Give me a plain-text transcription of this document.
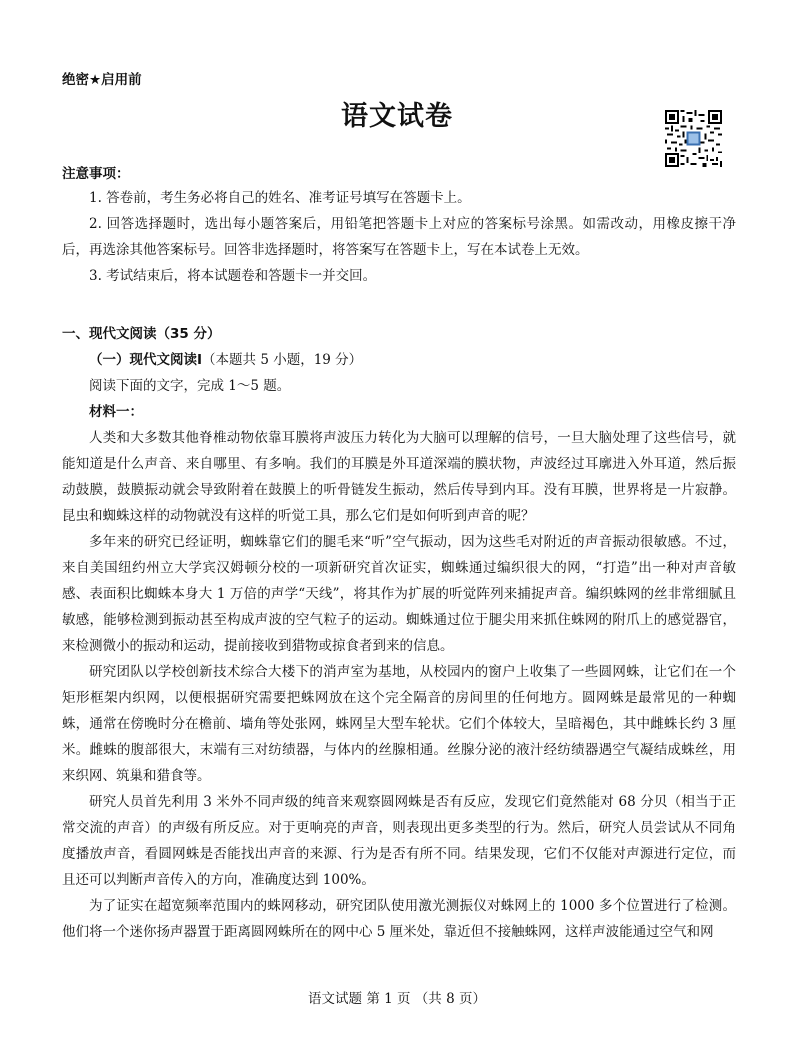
绝密★启用前
语文试卷
注意事项：

1. 答卷前，考生务必将自己的姓名、准考证号填写在答题卡上。

2. 回答选择题时，选出每小题答案后，用铅笔把答题卡上对应的答案标号涂黑。如需改动，用橡皮擦干净后，再选涂其他答案标号。回答非选择题时，将答案写在答题卡上，写在本试卷上无效。

3. 考试结束后，将本试题卷和答题卡一并交回。

一、现代文阅读（35 分）

（一）现代文阅读Ⅰ（本题共 5 小题，19 分）

阅读下面的文字，完成 1～5 题。

材料一：

人类和大多数其他脊椎动物依靠耳膜将声波压力转化为大脑可以理解的信号，一旦大脑处理了这些信号，就能知道是什么声音、来自哪里、有多响。我们的耳膜是外耳道深端的膜状物，声波经过耳廓进入外耳道，然后振动鼓膜，鼓膜振动就会导致附着在鼓膜上的听骨链发生振动，然后传导到内耳。没有耳膜，世界将是一片寂静。昆虫和蜘蛛这样的动物就没有这样的听觉工具，那么它们是如何听到声音的呢？

多年来的研究已经证明，蜘蛛靠它们的腿毛来“听”空气振动，因为这些毛对附近的声音振动很敏感。不过，来自美国纽约州立大学宾汉姆顿分校的一项新研究首次证实，蜘蛛通过编织很大的网，“打造”出一种对声音敏感、表面积比蜘蛛本身大 1 万倍的声学“天线”，将其作为扩展的听觉阵列来捕捉声音。编织蛛网的丝非常细腻且敏感，能够检测到振动甚至构成声波的空气粒子的运动。蜘蛛通过位于腿尖用来抓住蛛网的附爪上的感觉器官，来检测微小的振动和运动，提前接收到猎物或掠食者到来的信息。

研究团队以学校创新技术综合大楼下的消声室为基地，从校园内的窗户上收集了一些圆网蛛，让它们在一个矩形框架内织网，以便根据研究需要把蛛网放在这个完全隔音的房间里的任何地方。圆网蛛是最常见的一种蜘蛛，通常在傍晚时分在檐前、墙角等处张网，蛛网呈大型车轮状。它们个体较大，呈暗褐色，其中雌蛛长约 3 厘米。雌蛛的腹部很大，末端有三对纺绩器，与体内的丝腺相通。丝腺分泌的液汁经纺绩器遇空气凝结成蛛丝，用来织网、筑巢和猎食等。

研究人员首先利用 3 米外不同声级的纯音来观察圆网蛛是否有反应，发现它们竟然能对 68 分贝（相当于正常交流的声音）的声级有所反应。对于更响亮的声音，则表现出更多类型的行为。然后，研究人员尝试从不同角度播放声音，看圆网蛛是否能找出声音的来源、行为是否有所不同。结果发现，它们不仅能对声源进行定位，而且还可以判断声音传入的方向，准确度达到 100%。

为了证实在超宽频率范围内的蛛网移动，研究团队使用激光测振仪对蛛网上的 1000 多个位置进行了检测。他们将一个迷你扬声器置于距离圆网蛛所在的网中心 5 厘米处，靠近但不接触蛛网，这样声波能通过空气和网

语文试题 第 1 页 （共 8 页）
